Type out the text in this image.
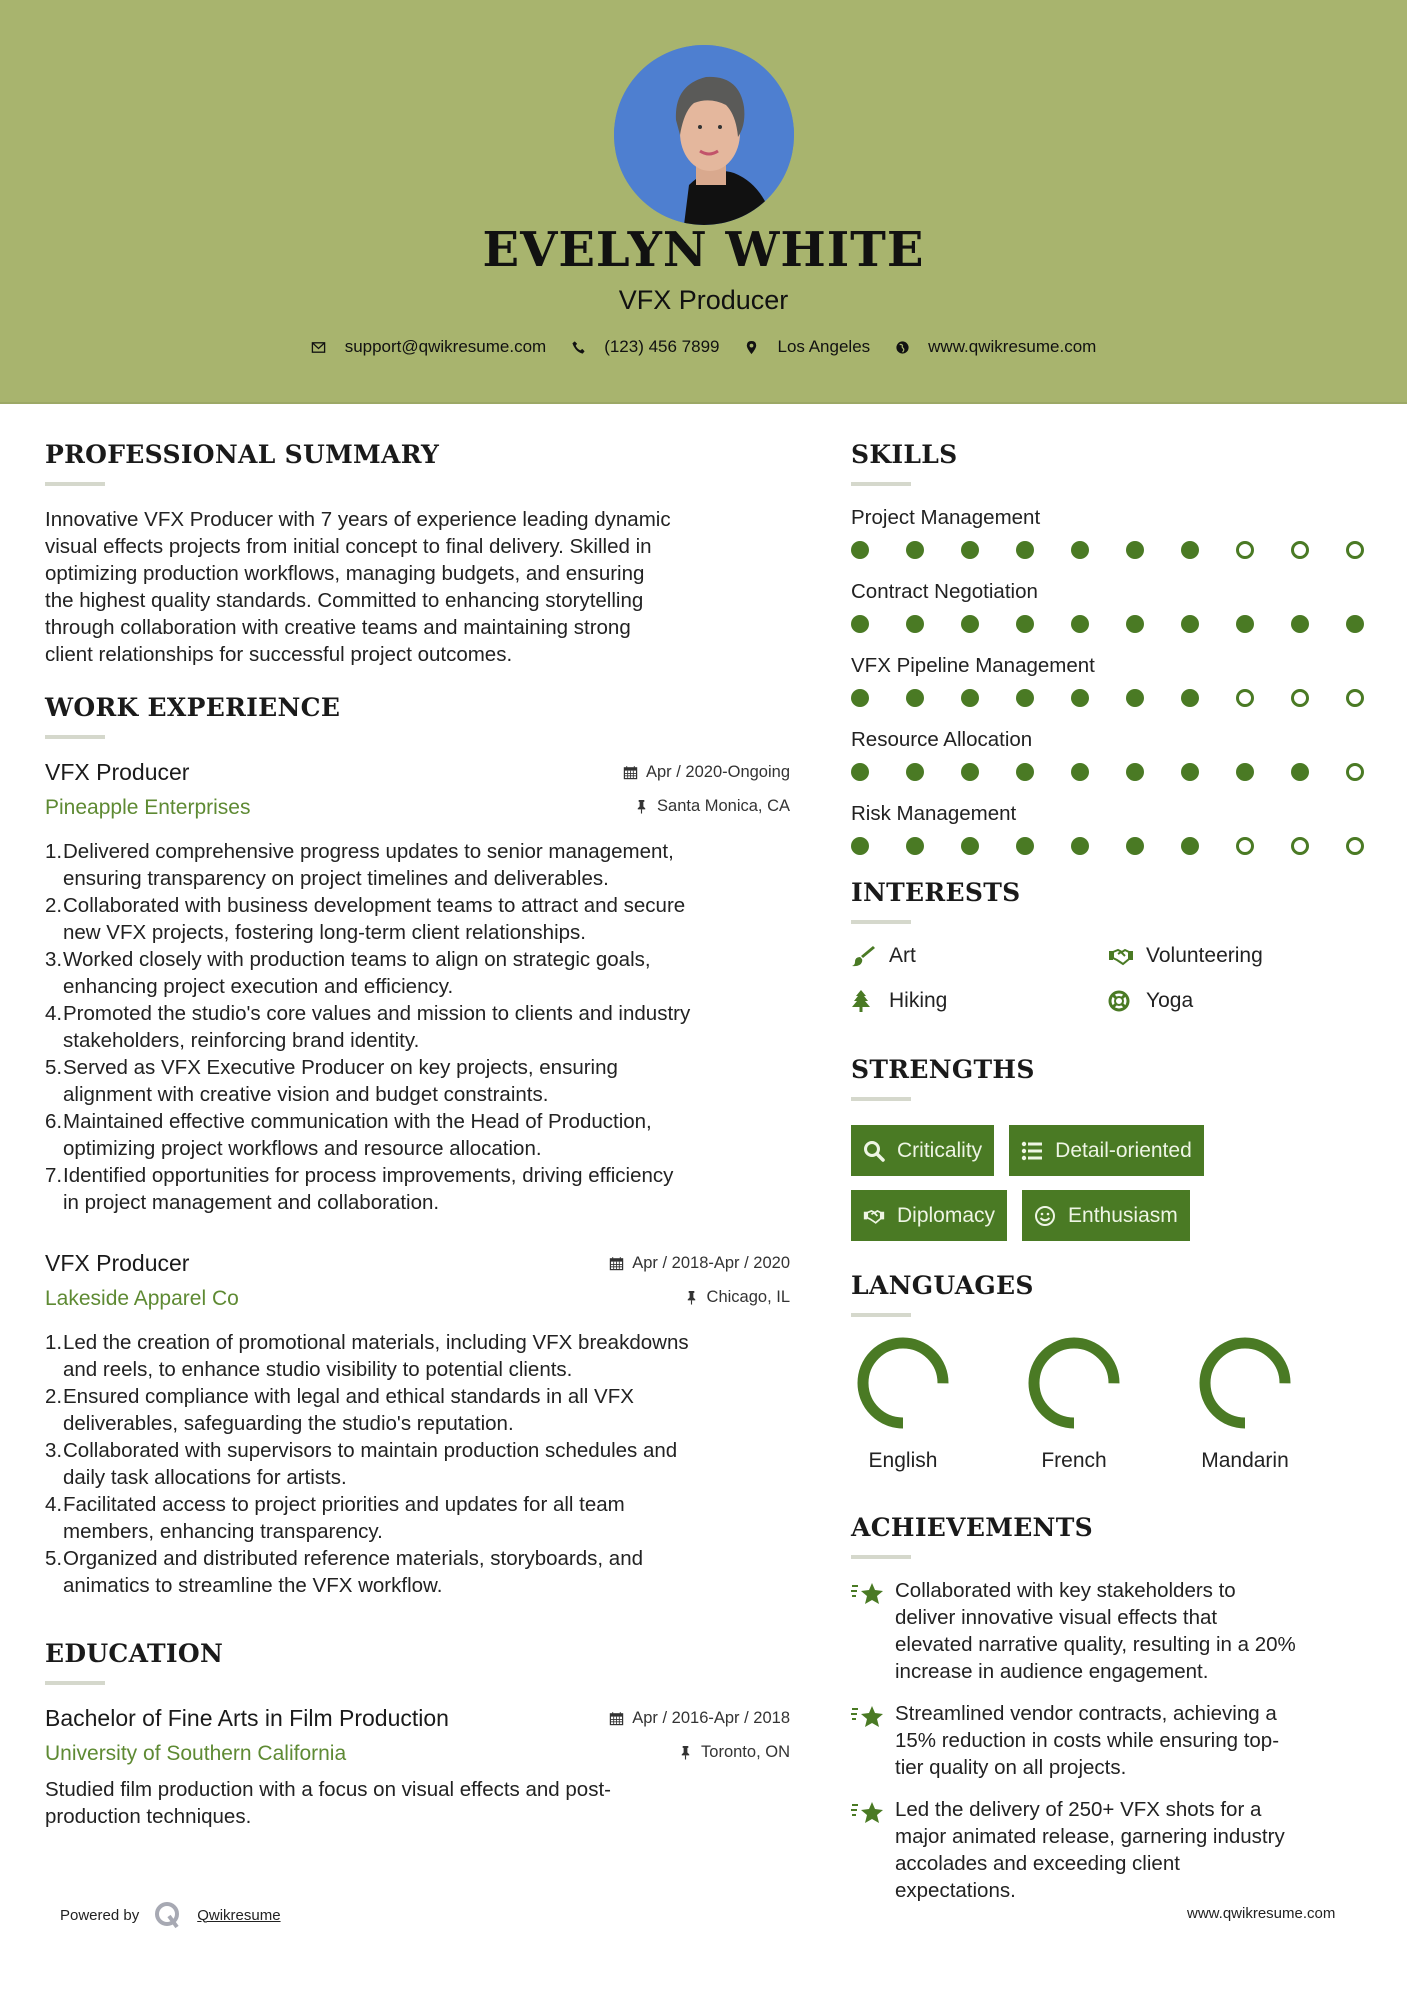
EVELYN WHITE
VFX Producer
support@qwikresume.com	(123) 456 7899	Los Angeles	www.qwikresume.com
PROFESSIONAL SUMMARY
Innovative VFX Producer with 7 years of experience leading dynamic
visual effects projects from initial concept to final delivery. Skilled in
optimizing production workflows, managing budgets, and ensuring
the highest quality standards. Committed to enhancing storytelling
through collaboration with creative teams and maintaining strong
client relationships for successful project outcomes.
WORK EXPERIENCE
VFX Producer	Apr / 2020-Ongoing
Pineapple Enterprises	Santa Monica, CA
1. Delivered comprehensive progress updates to senior management,
ensuring transparency on project timelines and deliverables.
2. Collaborated with business development teams to attract and secure
new VFX projects, fostering long-term client relationships.
3. Worked closely with production teams to align on strategic goals,
enhancing project execution and efficiency.
4. Promoted the studio's core values and mission to clients and industry
stakeholders, reinforcing brand identity.
5. Served as VFX Executive Producer on key projects, ensuring
alignment with creative vision and budget constraints.
6. Maintained effective communication with the Head of Production,
optimizing project workflows and resource allocation.
7. Identified opportunities for process improvements, driving efficiency
in project management and collaboration.
VFX Producer	Apr / 2018-Apr / 2020
Lakeside Apparel Co	Chicago, IL
1. Led the creation of promotional materials, including VFX breakdowns
and reels, to enhance studio visibility to potential clients.
2. Ensured compliance with legal and ethical standards in all VFX
deliverables, safeguarding the studio's reputation.
3. Collaborated with supervisors to maintain production schedules and
daily task allocations for artists.
4. Facilitated access to project priorities and updates for all team
members, enhancing transparency.
5. Organized and distributed reference materials, storyboards, and
animatics to streamline the VFX workflow.
EDUCATION
Bachelor of Fine Arts in Film Production	Apr / 2016-Apr / 2018
University of Southern California	Toronto, ON
Studied film production with a focus on visual effects and post-
production techniques.
SKILLS
Project Management
Contract Negotiation
VFX Pipeline Management
Resource Allocation
Risk Management
INTERESTS
Art	Volunteering
Hiking	Yoga
STRENGTHS
Criticality	Detail-oriented
Diplomacy	Enthusiasm
LANGUAGES
English	French	Mandarin
ACHIEVEMENTS
Collaborated with key stakeholders to
deliver innovative visual effects that
elevated narrative quality, resulting in a 20%
increase in audience engagement.
Streamlined vendor contracts, achieving a
15% reduction in costs while ensuring top-
tier quality on all projects.
Led the delivery of 250+ VFX shots for a
major animated release, garnering industry
accolades and exceeding client
expectations.
Powered by	Qwikresume	www.qwikresume.com
